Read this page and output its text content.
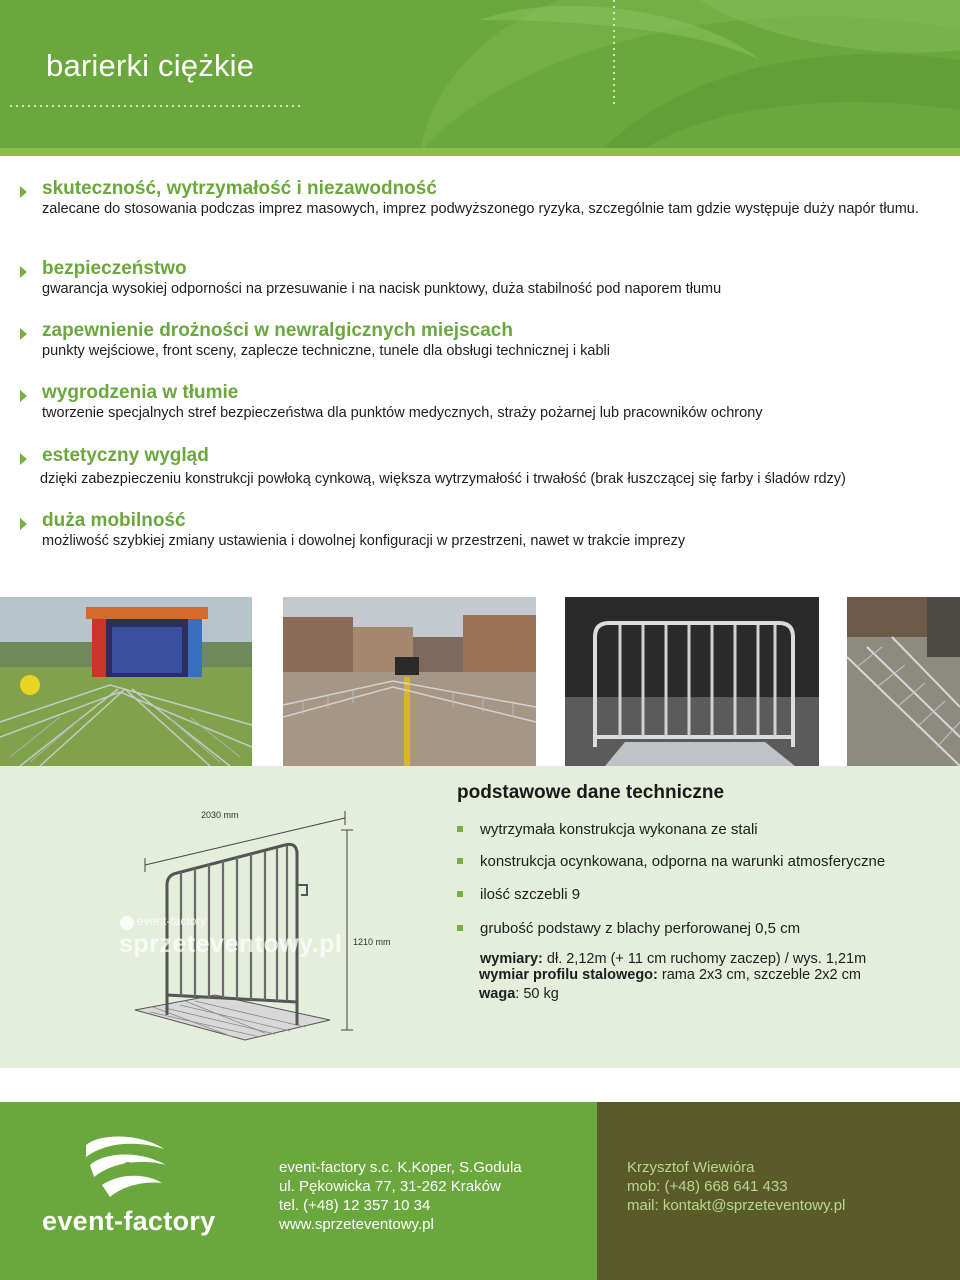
barierki ciężkie
skuteczność, wytrzymałość i niezawodność
zalecane do stosowania podczas imprez masowych, imprez podwyższonego ryzyka, szczególnie tam gdzie występuje duży napór tłumu.
bezpieczeństwo
gwarancja wysokiej odporności na przesuwanie i na nacisk punktowy, duża stabilność pod naporem tłumu
zapewnienie drożności w newralgicznych miejscach
punkty wejściowe, front sceny, zaplecze techniczne, tunele dla obsługi technicznej i kabli
wygrodzenia w tłumie
tworzenie specjalnych stref bezpieczeństwa dla punktów medycznych, straży pożarnej lub pracowników ochrony
estetyczny wygląd
dzięki zabezpieczeniu konstrukcji powłoką cynkową, większa wytrzymałość i trwałość (brak łuszczącej się farby i śladów rdzy)
duża mobilność
możliwość szybkiej zmiany ustawienia i dowolnej konfiguracji w przestrzeni, nawet w trakcie imprezy
2030 mm
1210 mm
event-factory
sprzeteventowy.pl
podstawowe dane techniczne
wytrzymała konstrukcja wykonana ze stali
konstrukcja ocynkowana, odporna na warunki atmosferyczne
ilość szczebli 9
grubość podstawy z blachy perforowanej 0,5 cm
wymiary: dł. 2,12m (+ 11 cm ruchomy zaczep) / wys. 1,21m
wymiar profilu stalowego: rama 2x3 cm, szczeble 2x2 cm
waga: 50 kg
event-factory
event-factory s.c. K.Koper, S.Godula
ul. Pękowicka 77, 31-262 Kraków
tel. (+48) 12 357 10 34
www.sprzeteventowy.pl
Krzysztof Wiewióra
mob: (+48) 668 641 433
mail: kontakt@sprzeteventowy.pl
